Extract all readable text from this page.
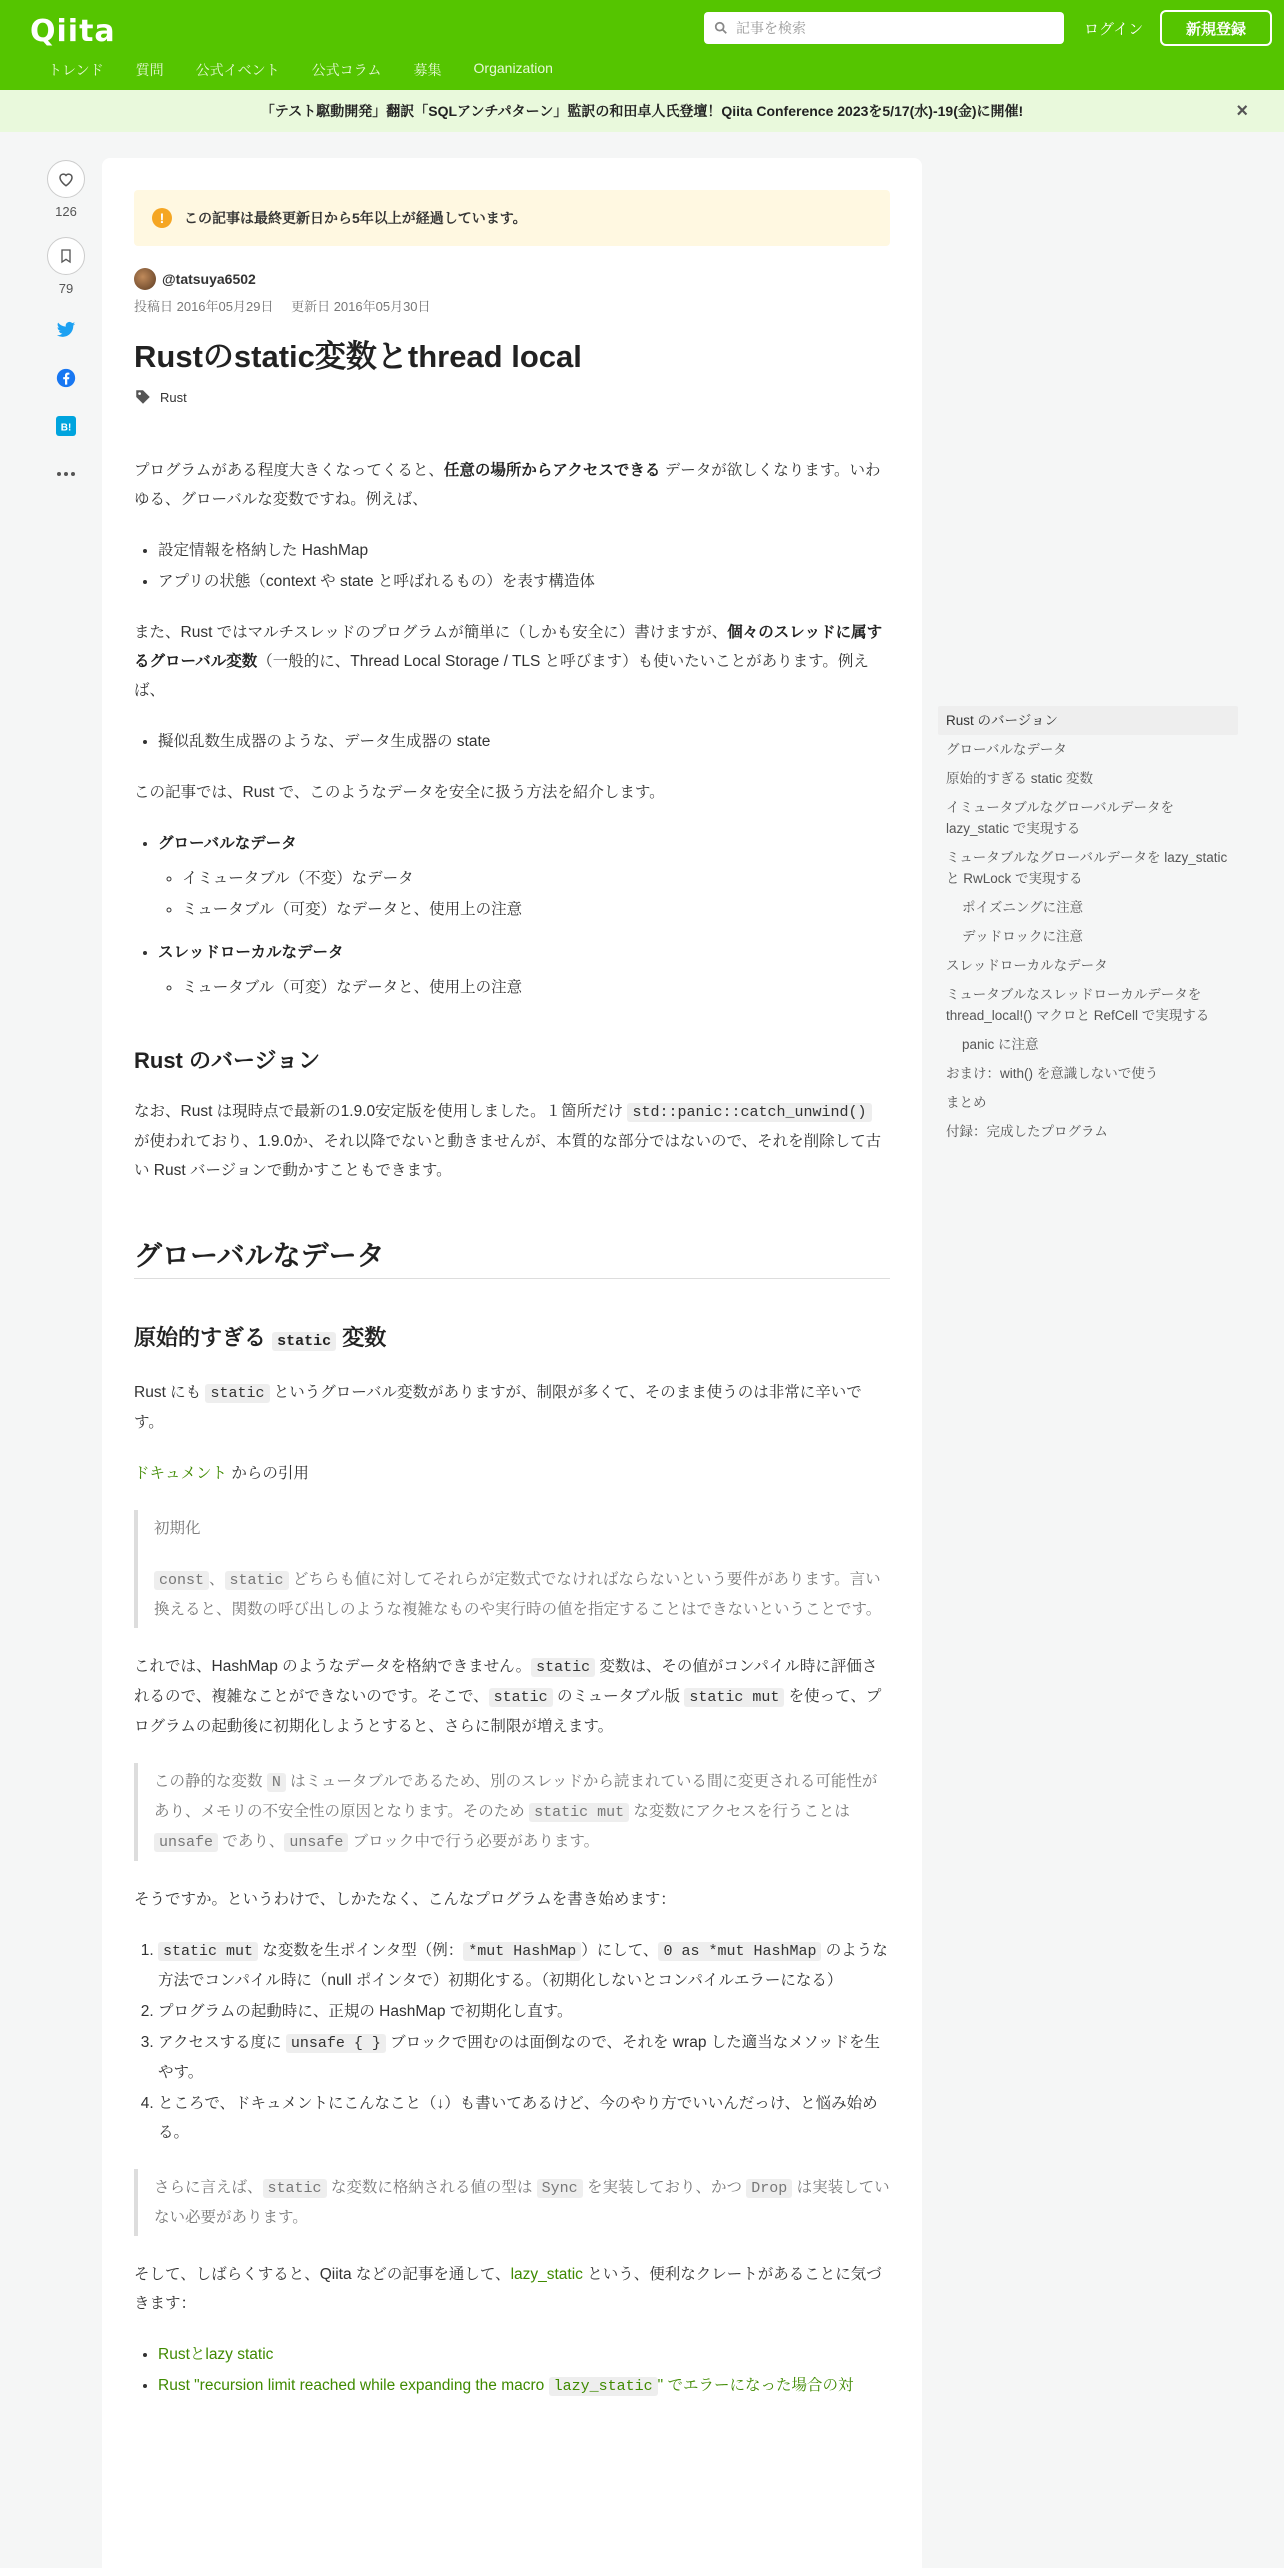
Qiita
記事を検索	ログイン	新規登録
トレンド 質問 公式イベント 公式コラム 募集 Organization
「テスト駆動開発」翻訳「SQLアンチパターン」監訳の和田卓人氏登壇！Qiita Conference 2023を5/17(水)-19(金)に開催!	×
126
79
B!
!	この記事は最終更新日から5年以上が経過しています。
@tatsuya6502
投稿日 2016年05月29日 更新日 2016年05月30日
Rustのstatic変数とthread local
Rust

プログラムがある程度大きくなってくると、任意の場所からアクセスできる データが欲しくなります。いわゆる、グローバルな変数ですね。例えば、

• 設定情報を格納した HashMap
• アプリの状態（context や state と呼ばれるもの）を表す構造体

また、Rust ではマルチスレッドのプログラムが簡単に（しかも安全に）書けますが、個々のスレッドに属するグローバル変数（一般的に、Thread Local Storage / TLS と呼びます）も使いたいことがあります。例えば、

• 擬似乱数生成器のような、データ生成器の state

この記事では、Rust で、このようなデータを安全に扱う方法を紹介します。

• グローバルなデータ
◦ イミュータブル（不変）なデータ
◦ ミュータブル（可変）なデータと、使用上の注意
• スレッドローカルなデータ
◦ ミュータブル（可変）なデータと、使用上の注意
Rust のバージョン

なお、Rust は現時点で最新の1.9.0安定版を使用しました。１箇所だけ std::panic::catch_unwind() が使われており、1.9.0か、それ以降でないと動きませんが、本質的な部分ではないので、それを削除して古い Rust バージョンで動かすこともできます。

グローバルなデータ
原始的すぎる static 変数

Rust にも static というグローバル変数がありますが、制限が多くて、そのまま使うのは非常に辛いです。

ドキュメント からの引用

初期化

const 、 static どちらも値に対してそれらが定数式でなければならないという要件があります。言い換えると、関数の呼び出しのような複雑なものや実行時の値を指定することはできないということです。

これでは、HashMap のようなデータを格納できません。 static 変数は、その値がコンパイル時に評価されるので、複雑なことができないのです。そこで、 static のミュータブル版 static mut を使って、プログラムの起動後に初期化しようとすると、さらに制限が増えます。

この静的な変数 N はミュータブルであるため、別のスレッドから読まれている間に変更される可能性があり、メモリの不安全性の原因となります。そのため static mut な変数にアクセスを行うことは unsafe であり、 unsafe ブロック中で行う必要があります。

そうですか。というわけで、しかたなく、こんなプログラムを書き始めます：

1. static mut な変数を生ポインタ型（例： *mut HashMap ）にして、 0 as *mut HashMap のような方法でコンパイル時に（null ポインタで）初期化する。（初期化しないとコンパイルエラーになる）
2. プログラムの起動時に、正規の HashMap で初期化し直す。
3. アクセスする度に unsafe { } ブロックで囲むのは面倒なので、それを wrap した適当なメソッドを生やす。
4. ところで、ドキュメントにこんなこと（↓）も書いてあるけど、今のやり方でいいんだっけ、と悩み始める。

さらに言えば、 static な変数に格納される値の型は Sync を実装しており、かつ Drop は実装していない必要があります。

そして、しばらくすると、Qiita などの記事を通して、lazy_static という、便利なクレートがあることに気づきます：

• Rustとlazy static
• Rust "recursion limit reached while expanding the macro lazy_static " でエラーになった場合の対
Rust のバージョン
グローバルなデータ
原始的すぎる static 変数
イミュータブルなグローバルデータを lazy_static で実現する
ミュータブルなグローバルデータを lazy_static と RwLock で実現する
ポイズニングに注意
デッドロックに注意
スレッドローカルなデータ
ミュータブルなスレッドローカルデータを thread_local!() マクロと RefCell で実現する
panic に注意
おまけ：with() を意識しないで使う
まとめ
付録：完成したプログラム
